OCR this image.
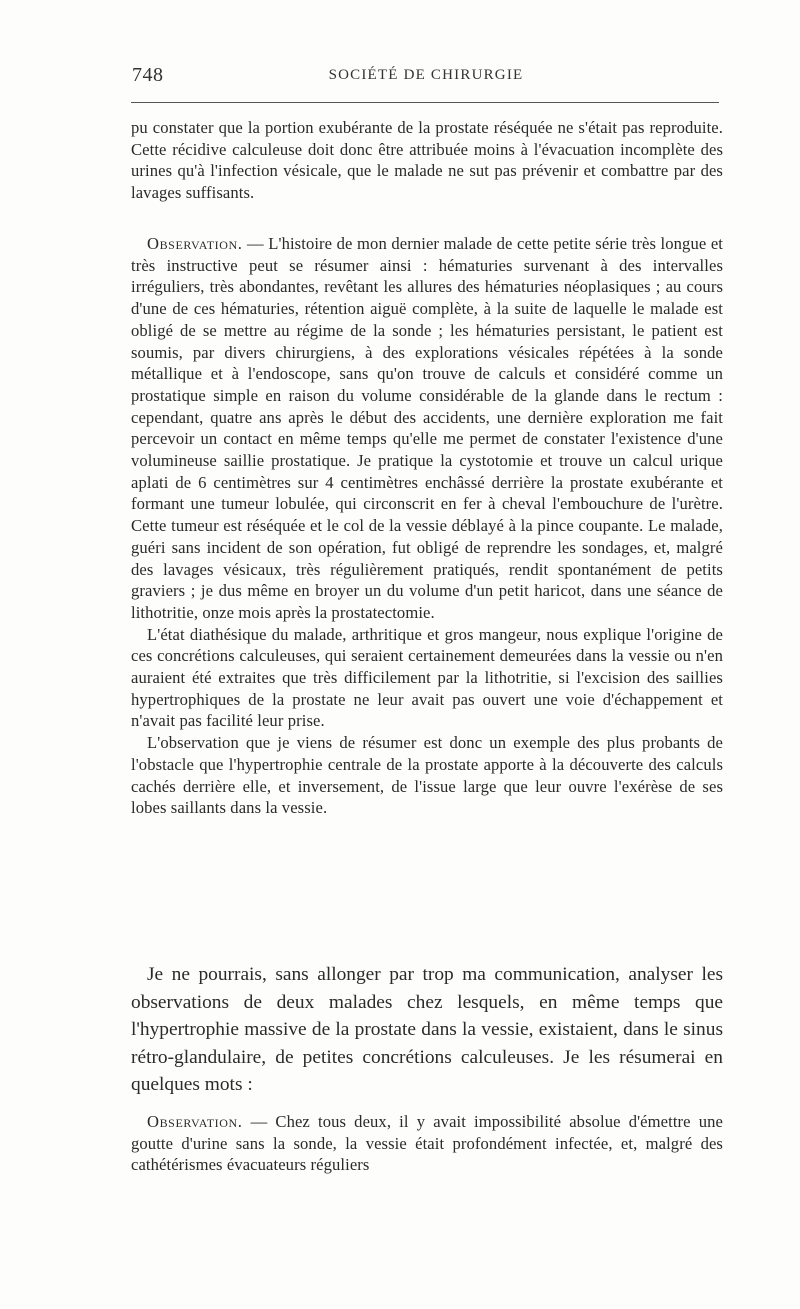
748	SOCIÉTÉ DE CHIRURGIE

pu constater que la portion exubérante de la prostate réséquée ne s'était pas reproduite. Cette récidive calculeuse doit donc être attribuée moins à l'évacuation incomplète des urines qu'à l'infection vésicale, que le malade ne sut pas prévenir et combattre par des lavages suffisants.

Observation. — L'histoire de mon dernier malade de cette petite série très longue et très instructive peut se résumer ainsi : hématuries survenant à des intervalles irréguliers, très abondantes, revêtant les allures des hématuries néoplasiques ; au cours d'une de ces hématuries, rétention aiguë complète, à la suite de laquelle le malade est obligé de se mettre au régime de la sonde ; les hématuries persistant, le patient est soumis, par divers chirurgiens, à des explorations vésicales répétées à la sonde métallique et à l'endoscope, sans qu'on trouve de calculs et considéré comme un prostatique simple en raison du volume considérable de la glande dans le rectum : cependant, quatre ans après le début des accidents, une dernière exploration me fait percevoir un contact en même temps qu'elle me permet de constater l'existence d'une volumineuse saillie prostatique. Je pratique la cystotomie et trouve un calcul urique aplati de 6 centimètres sur 4 centimètres enchâssé derrière la prostate exubérante et formant une tumeur lobulée, qui circonscrit en fer à cheval l'embouchure de l'urètre. Cette tumeur est réséquée et le col de la vessie déblayé à la pince coupante. Le malade, guéri sans incident de son opération, fut obligé de reprendre les sondages, et, malgré des lavages vésicaux, très régulièrement pratiqués, rendit spontanément de petits graviers ; je dus même en broyer un du volume d'un petit haricot, dans une séance de lithotritie, onze mois après la prostatectomie.

L'état diathésique du malade, arthritique et gros mangeur, nous explique l'origine de ces concrétions calculeuses, qui seraient certainement demeurées dans la vessie ou n'en auraient été extraites que très difficilement par la lithotritie, si l'excision des saillies hypertrophiques de la prostate ne leur avait pas ouvert une voie d'échappement et n'avait pas facilité leur prise.

L'observation que je viens de résumer est donc un exemple des plus probants de l'obstacle que l'hypertrophie centrale de la prostate apporte à la découverte des calculs cachés derrière elle, et inversement, de l'issue large que leur ouvre l'exérèse de ses lobes saillants dans la vessie.

Je ne pourrais, sans allonger par trop ma communication, analyser les observations de deux malades chez lesquels, en même temps que l'hypertrophie massive de la prostate dans la vessie, existaient, dans le sinus rétro-glandulaire, de petites concrétions calculeuses. Je les résumerai en quelques mots :

Observation. — Chez tous deux, il y avait impossibilité absolue d'émettre une goutte d'urine sans la sonde, la vessie était profondément infectée, et, malgré des cathétérismes évacuateurs réguliers
